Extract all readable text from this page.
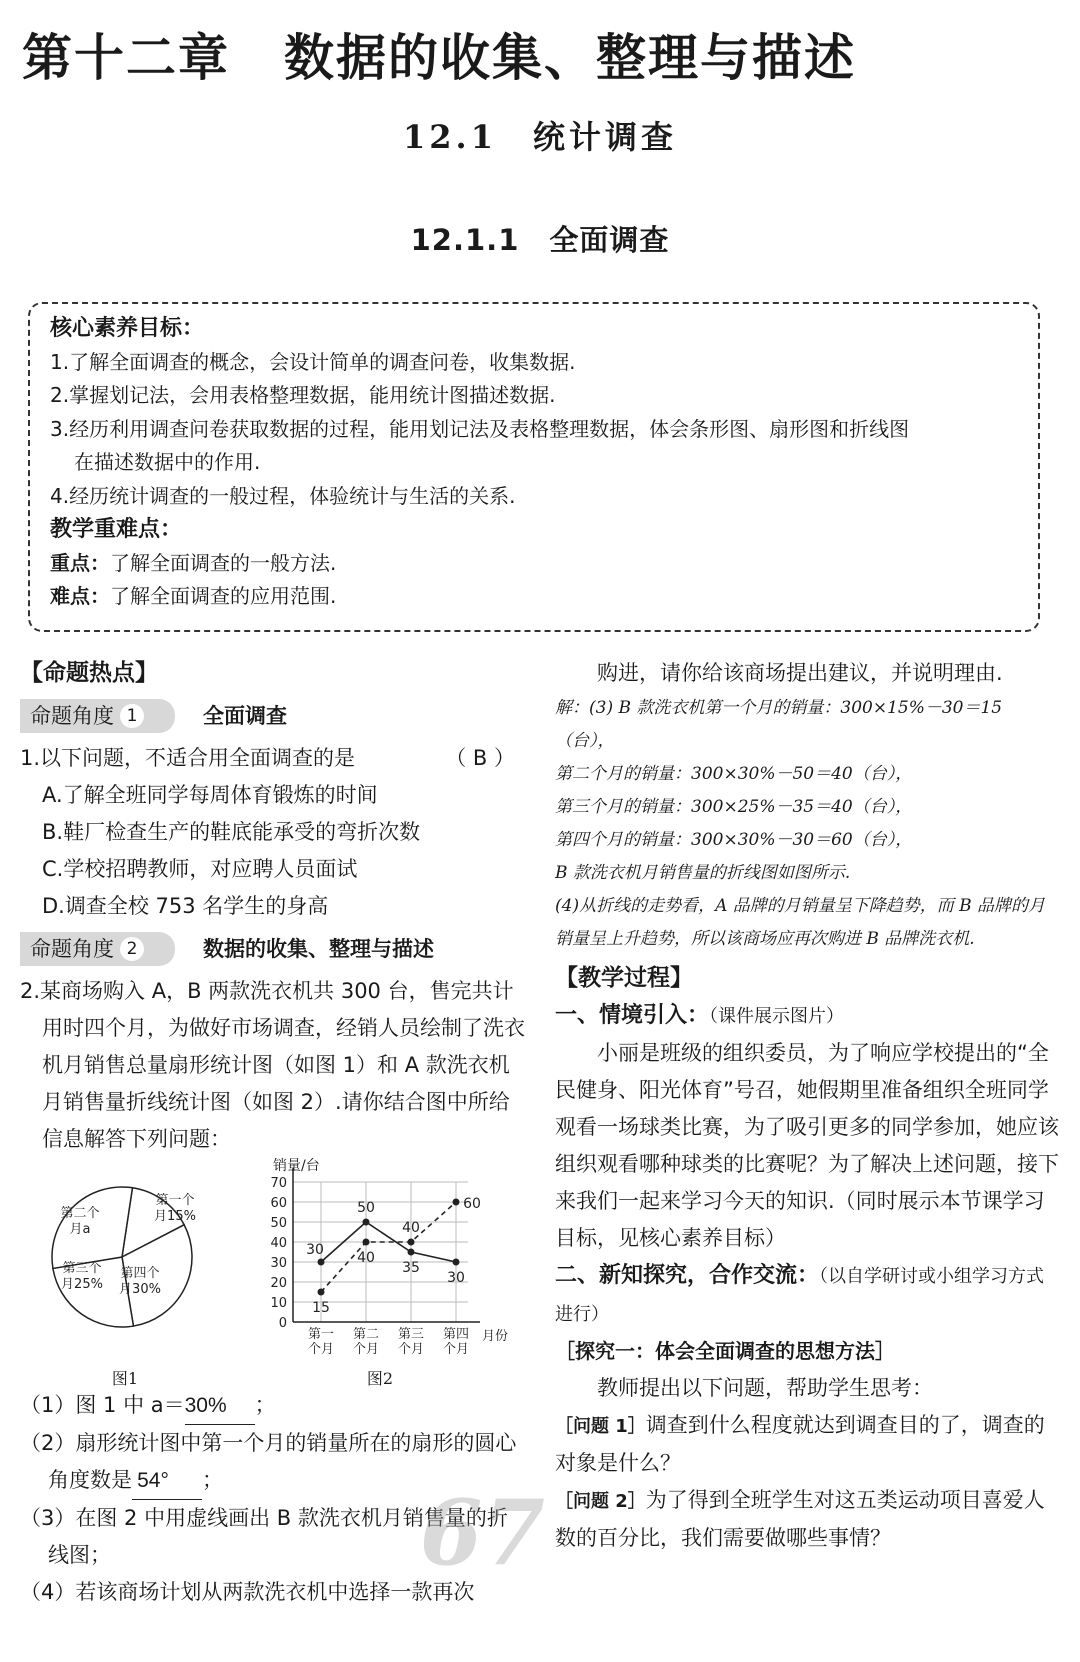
第十二章 数据的收集、整理与描述
12.1　统计调查
12.1.1　全面调查
核心素养目标：
1.了解全面调查的概念，会设计简单的调查问卷，收集数据.
2.掌握划记法，会用表格整理数据，能用统计图描述数据.
3.经历利用调查问卷获取数据的过程，能用划记法及表格整理数据，体会条形图、扇形图和折线图
在描述数据中的作用.
4.经历统计调查的一般过程，体验统计与生活的关系.
教学重难点：
重点：了解全面调查的一般方法.
难点：了解全面调查的应用范围.
【命题热点】
命题角度 1	全面调查
1.以下问题，不适合用全面调查的是	（ B ）
A.了解全班同学每周体育锻炼的时间
B.鞋厂检查生产的鞋底能承受的弯折次数
C.学校招聘教师，对应聘人员面试
D.调查全校 753 名学生的身高
命题角度 2	数据的收集、整理与描述
2.某商场购入 A，B 两款洗衣机共 300 台，售完共计用时四个月，为做好市场调查，经销人员绘制了洗衣机月销售总量扇形统计图（如图 1）和 A 款洗衣机月销售量折线统计图（如图 2）.请你结合图中所给信息解答下列问题：
第一个月15%
第二个月a
第三个月25%
第四个月30%
0
10
20
30
40
50
60
70
销量/台
月份
第一个月
第二个月
第三个月
第四个月
30
50
35
30
15
40
40
60
图1	图2
（1）图 1 中 a＝30% ；
（2）扇形统计图中第一个月的销量所在的扇形的圆心角度数是 54° ；
（3）在图 2 中用虚线画出 B 款洗衣机月销售量的折线图；
（4）若该商场计划从两款洗衣机中选择一款再次
购进，请你给该商场提出建议，并说明理由.
解：(3) B 款洗衣机第一个月的销量：300×15%－30＝15（台），
第二个月的销量：300×30%－50＝40（台），
第三个月的销量：300×25%－35＝40（台），
第四个月的销量：300×30%－30＝60（台），
B 款洗衣机月销售量的折线图如图所示.
(4)从折线的走势看，A 品牌的月销量呈下降趋势，而 B 品牌的月销量呈上升趋势，所以该商场应再次购进 B 品牌洗衣机.
【教学过程】
一、情境引入：（课件展示图片）
小丽是班级的组织委员，为了响应学校提出的“全民健身、阳光体育”号召，她假期里准备组织全班同学观看一场球类比赛，为了吸引更多的同学参加，她应该组织观看哪种球类的比赛呢？为了解决上述问题，接下来我们一起来学习今天的知识.（同时展示本节课学习目标，见核心素养目标）
二、新知探究，合作交流：（以自学研讨或小组学习方式进行）
［探究一：体会全面调查的思想方法］
教师提出以下问题，帮助学生思考：
［问题 1］调查到什么程度就达到调查目的了，调查的对象是什么？
［问题 2］为了得到全班学生对这五类运动项目喜爱人数的百分比，我们需要做哪些事情？
67
